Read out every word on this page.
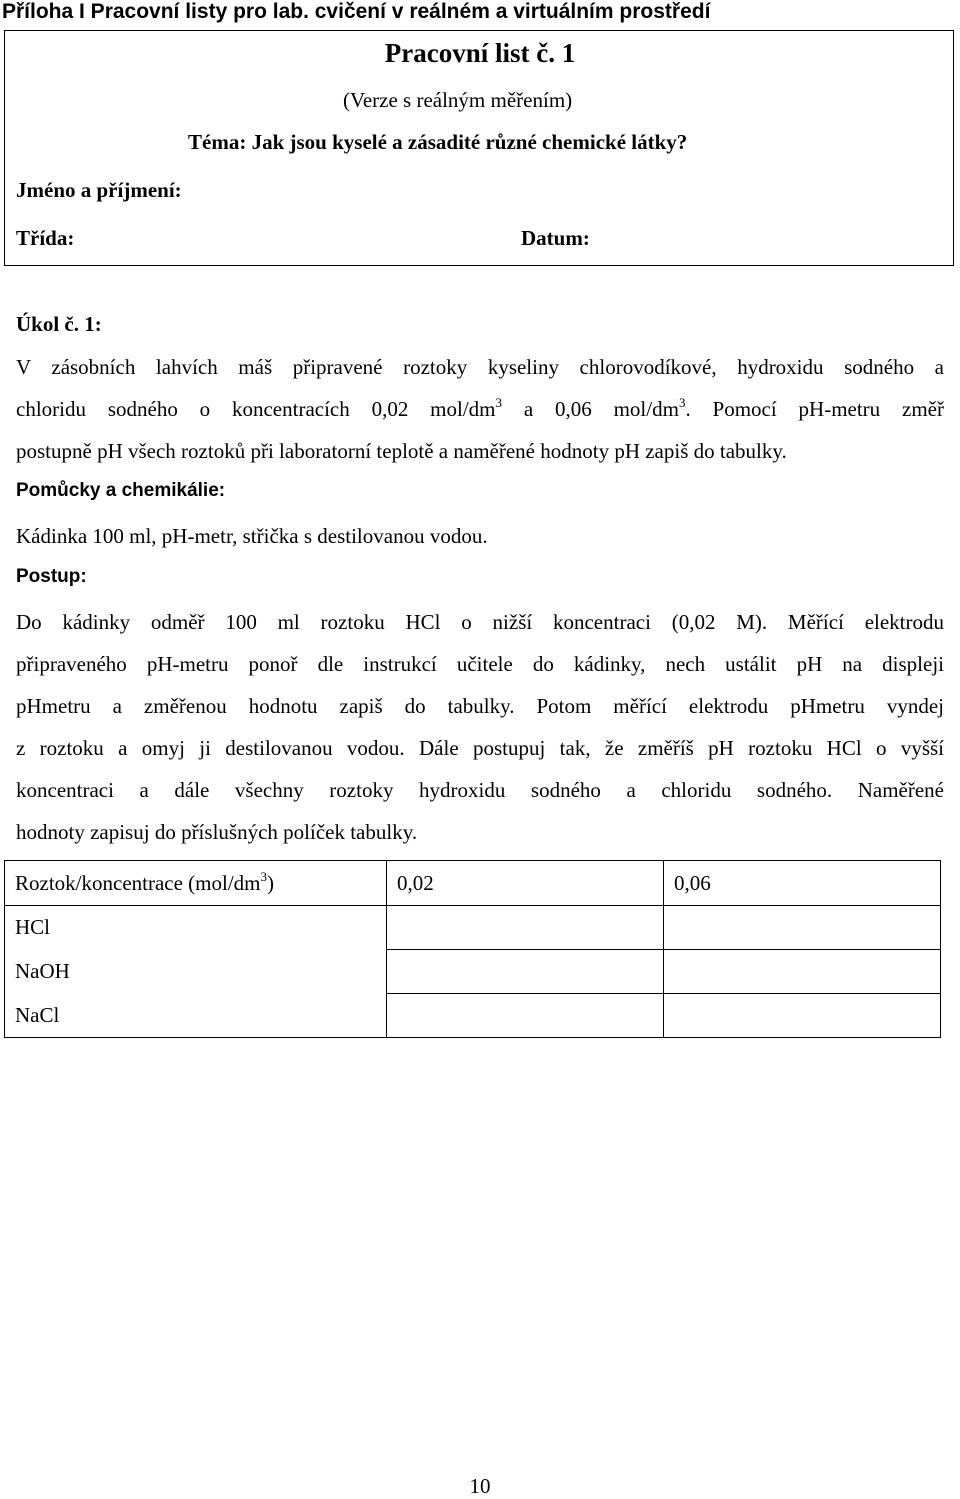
Příloha I Pracovní listy pro lab. cvičení v reálném a virtuálním prostředí
Pracovní list č. 1
(Verze s reálným měřením)
Téma: Jak jsou kyselé a zásadité různé chemické látky?
Jméno a příjmení:
Třída:	Datum:
Úkol č. 1:
V zásobních lahvích máš připravené roztoky kyseliny chlorovodíkové, hydroxidu sodného a
chloridu sodného o koncentracích 0,02 mol/$dm^3$ a 0,06 mol/$dm^3$. Pomocí pH-metru změř
postupně pH všech roztoků při laboratorní teplotě a naměřené hodnoty pH zapiš do tabulky.
Pomůcky a chemikálie:
Kádinka 100 ml, pH-metr, střička s destilovanou vodou.
Postup:
Do kádinky odměř 100 ml roztoku HCl o nižší koncentraci (0,02 M). Měřící elektrodu
připraveného pH-metru ponoř dle instrukcí učitele do kádinky, nech ustálit pH na displeji
pHmetru a změřenou hodnotu zapiš do tabulky. Potom měřící elektrodu pHmetru vyndej
z roztoku a omyj ji destilovanou vodou. Dále postupuj tak, že změříš pH roztoku HCl o vyšší
koncentraci a dále všechny roztoky hydroxidu sodného a chloridu sodného. Naměřené
hodnoty zapisuj do příslušných políček tabulky.
Roztok/koncentrace $(mol/dm^3)$	0,02	0,06
HCl		
NaOH		
NaCl		
10
